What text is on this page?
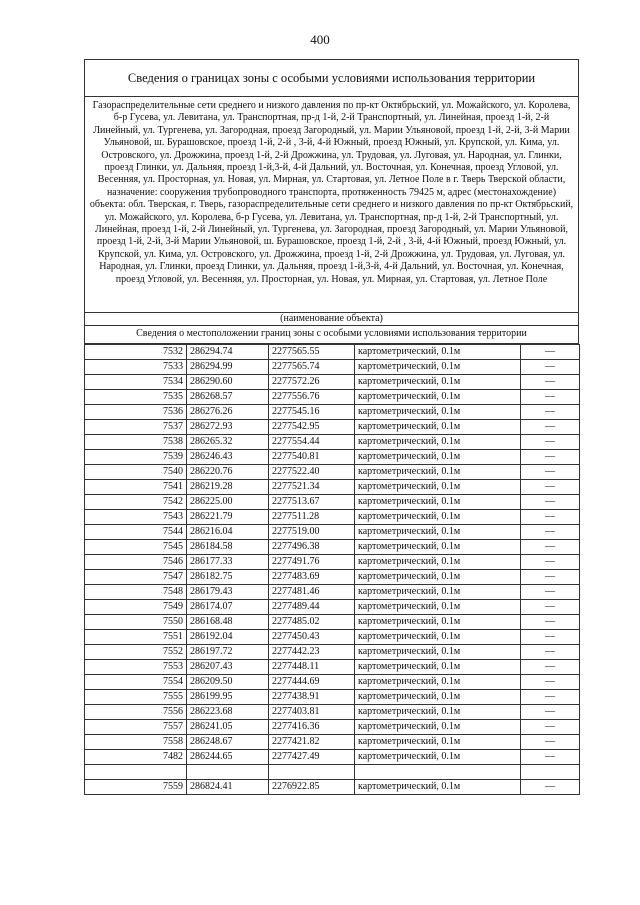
400
Сведения о границах зоны с особыми условиями использования территории
Газораспределительные сети среднего и низкого давления по пр-кт Октябрьский, ул. Можайского, ул. Королева, б-р Гусева, ул. Левитана, ул. Транспортная, пр-д 1-й, 2-й Транспортный, ул. Линейная, проезд 1-й, 2-й Линейный, ул. Тургенева, ул. Загородная, проезд Загородный, ул. Марии Ульяновой, проезд 1-й, 2-й, 3-й Марии Ульяновой, ш. Бурашовское, проезд 1-й, 2-й , 3-й, 4-й Южный, проезд Южный, ул. Крупской, ул. Кима, ул. Островского, ул. Дрожжина, проезд 1-й, 2-й Дрожжина, ул. Трудовая, ул. Луговая, ул. Народная, ул. Глинки, проезд Глинки, ул. Дальняя, проезд 1-й,3-й, 4-й Дальний, ул. Восточная, ул. Конечная, проезд Угловой, ул. Весенняя, ул. Просторная, ул. Новая, ул. Мирная, ул. Стартовая, ул. Летное Поле в г. Тверь Тверской области, назначение: сооружения трубопроводного транспорта, протяженность 79425 м, адрес (местонахождение) объекта: обл. Тверская, г. Тверь, газораспределительные сети среднего и низкого давления по пр-кт Октябрьский, ул. Можайского, ул. Королева, б-р Гусева, ул. Левитана, ул. Транспортная, пр-д 1-й, 2-й Транспортный, ул. Линейная, проезд 1-й, 2-й Линейный, ул. Тургенева, ул. Загородная, проезд Загородный, ул. Марии Ульяновой, проезд 1-й, 2-й, 3-й Марии Ульяновой, ш. Бурашовское, проезд 1-й, 2-й , 3-й, 4-й Южный, проезд Южный, ул. Крупской, ул. Кима, ул. Островского, ул. Дрожжина, проезд 1-й, 2-й Дрожжина, ул. Трудовая, ул. Луговая, ул. Народная, ул. Глинки, проезд Глинки, ул. Дальняя, проезд 1-й,3-й, 4-й Дальний, ул. Восточная, ул. Конечная, проезд Угловой, ул. Весенняя, ул. Просторная, ул. Новая, ул. Мирная, ул. Стартовая, ул. Летное Поле
(наименование объекта)
Сведения о местоположении границ зоны с особыми условиями использования территории
7532	286294.74	2277565.55	картометрический, 0.1м	—
7533	286294.99	2277565.74	картометрический, 0.1м	—
7534	286290.60	2277572.26	картометрический, 0.1м	—
7535	286268.57	2277556.76	картометрический, 0.1м	—
7536	286276.26	2277545.16	картометрический, 0.1м	—
7537	286272.93	2277542.95	картометрический, 0.1м	—
7538	286265.32	2277554.44	картометрический, 0.1м	—
7539	286246.43	2277540.81	картометрический, 0.1м	—
7540	286220.76	2277522.40	картометрический, 0.1м	—
7541	286219.28	2277521.34	картометрический, 0.1м	—
7542	286225.00	2277513.67	картометрический, 0.1м	—
7543	286221.79	2277511.28	картометрический, 0.1м	—
7544	286216.04	2277519.00	картометрический, 0.1м	—
7545	286184.58	2277496.38	картометрический, 0.1м	—
7546	286177.33	2277491.76	картометрический, 0.1м	—
7547	286182.75	2277483.69	картометрический, 0.1м	—
7548	286179.43	2277481.46	картометрический, 0.1м	—
7549	286174.07	2277489.44	картометрический, 0.1м	—
7550	286168.48	2277485.02	картометрический, 0.1м	—
7551	286192.04	2277450.43	картометрический, 0.1м	—
7552	286197.72	2277442.23	картометрический, 0.1м	—
7553	286207.43	2277448.11	картометрический, 0.1м	—
7554	286209.50	2277444.69	картометрический, 0.1м	—
7555	286199.95	2277438.91	картометрический, 0.1м	—
7556	286223.68	2277403.81	картометрический, 0.1м	—
7557	286241.05	2277416.36	картометрический, 0.1м	—
7558	286248.67	2277421.82	картометрический, 0.1м	—
7482	286244.65	2277427.49	картометрический, 0.1м	—

7559	286824.41	2276922.85	картометрический, 0.1м	—
